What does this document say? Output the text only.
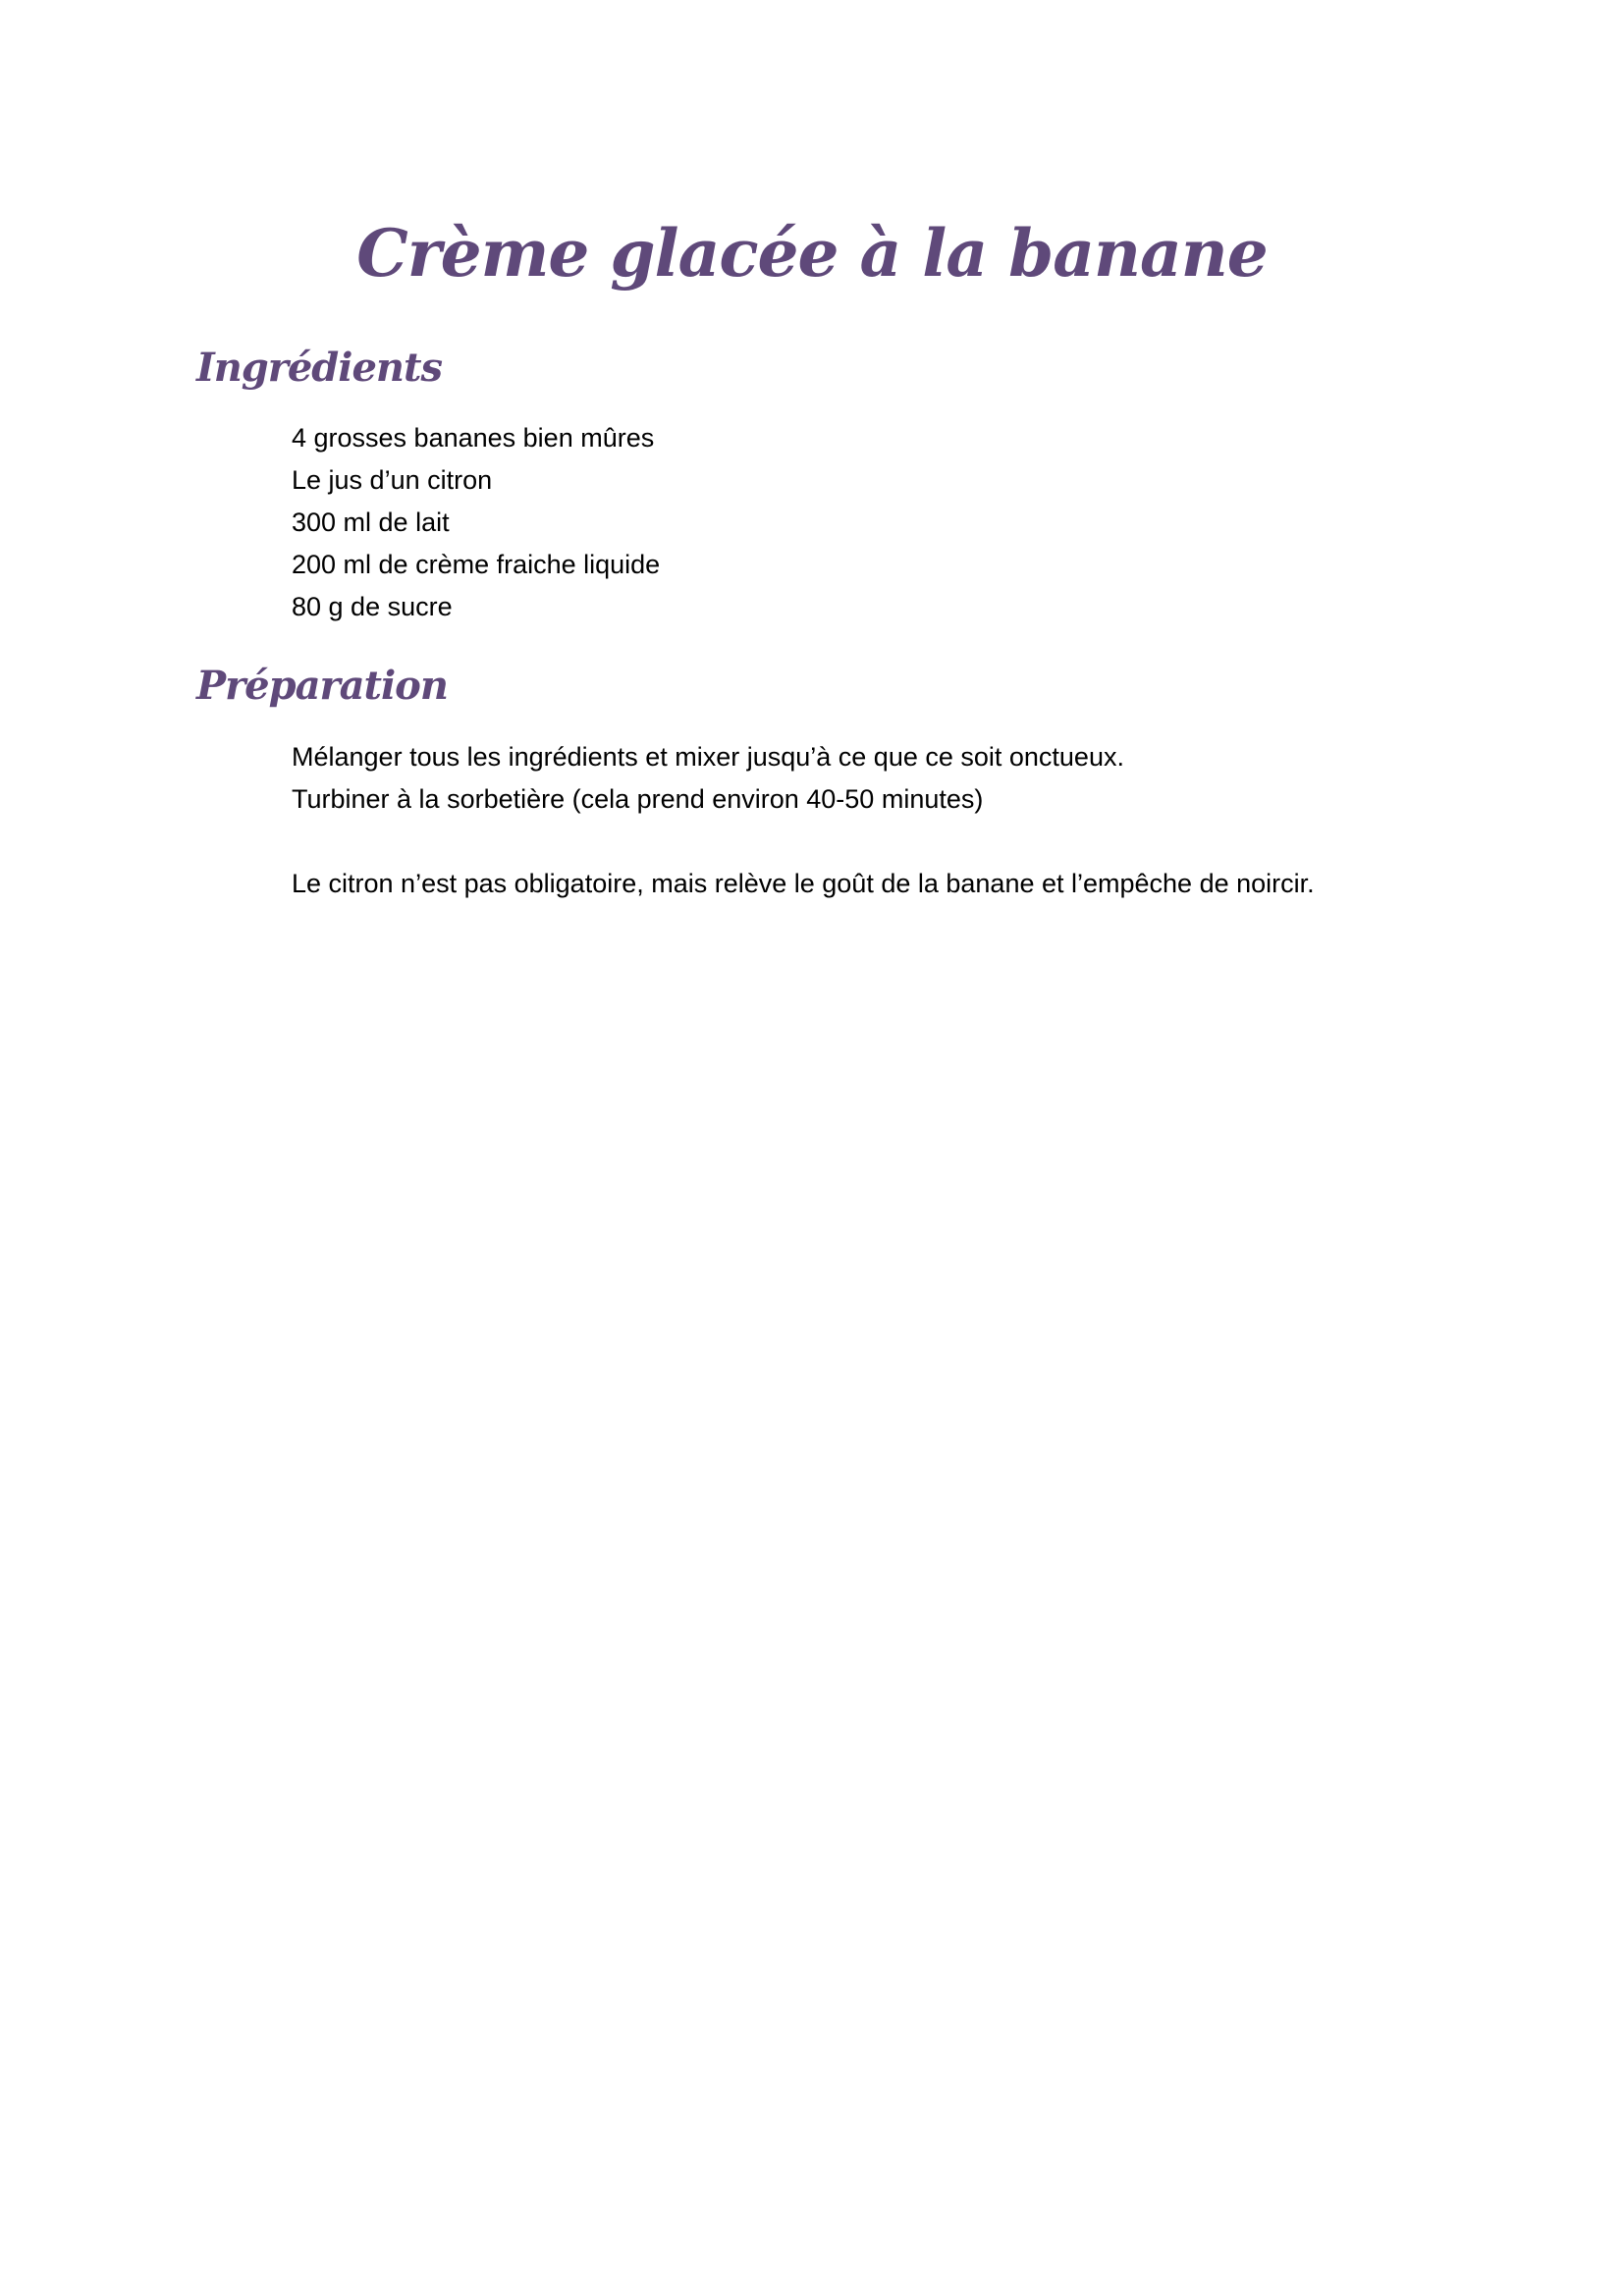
Crème glacée à la banane
Ingrédients
4 grosses bananes bien mûres
Le jus d’un citron
300 ml de lait
200 ml de crème fraiche liquide
80 g de sucre
Préparation
Mélanger tous les ingrédients et mixer jusqu’à ce que ce soit onctueux.
Turbiner à la sorbetière (cela prend environ 40-50 minutes)

Le citron n’est pas obligatoire, mais relève le goût de la banane et l’empêche de noircir.
